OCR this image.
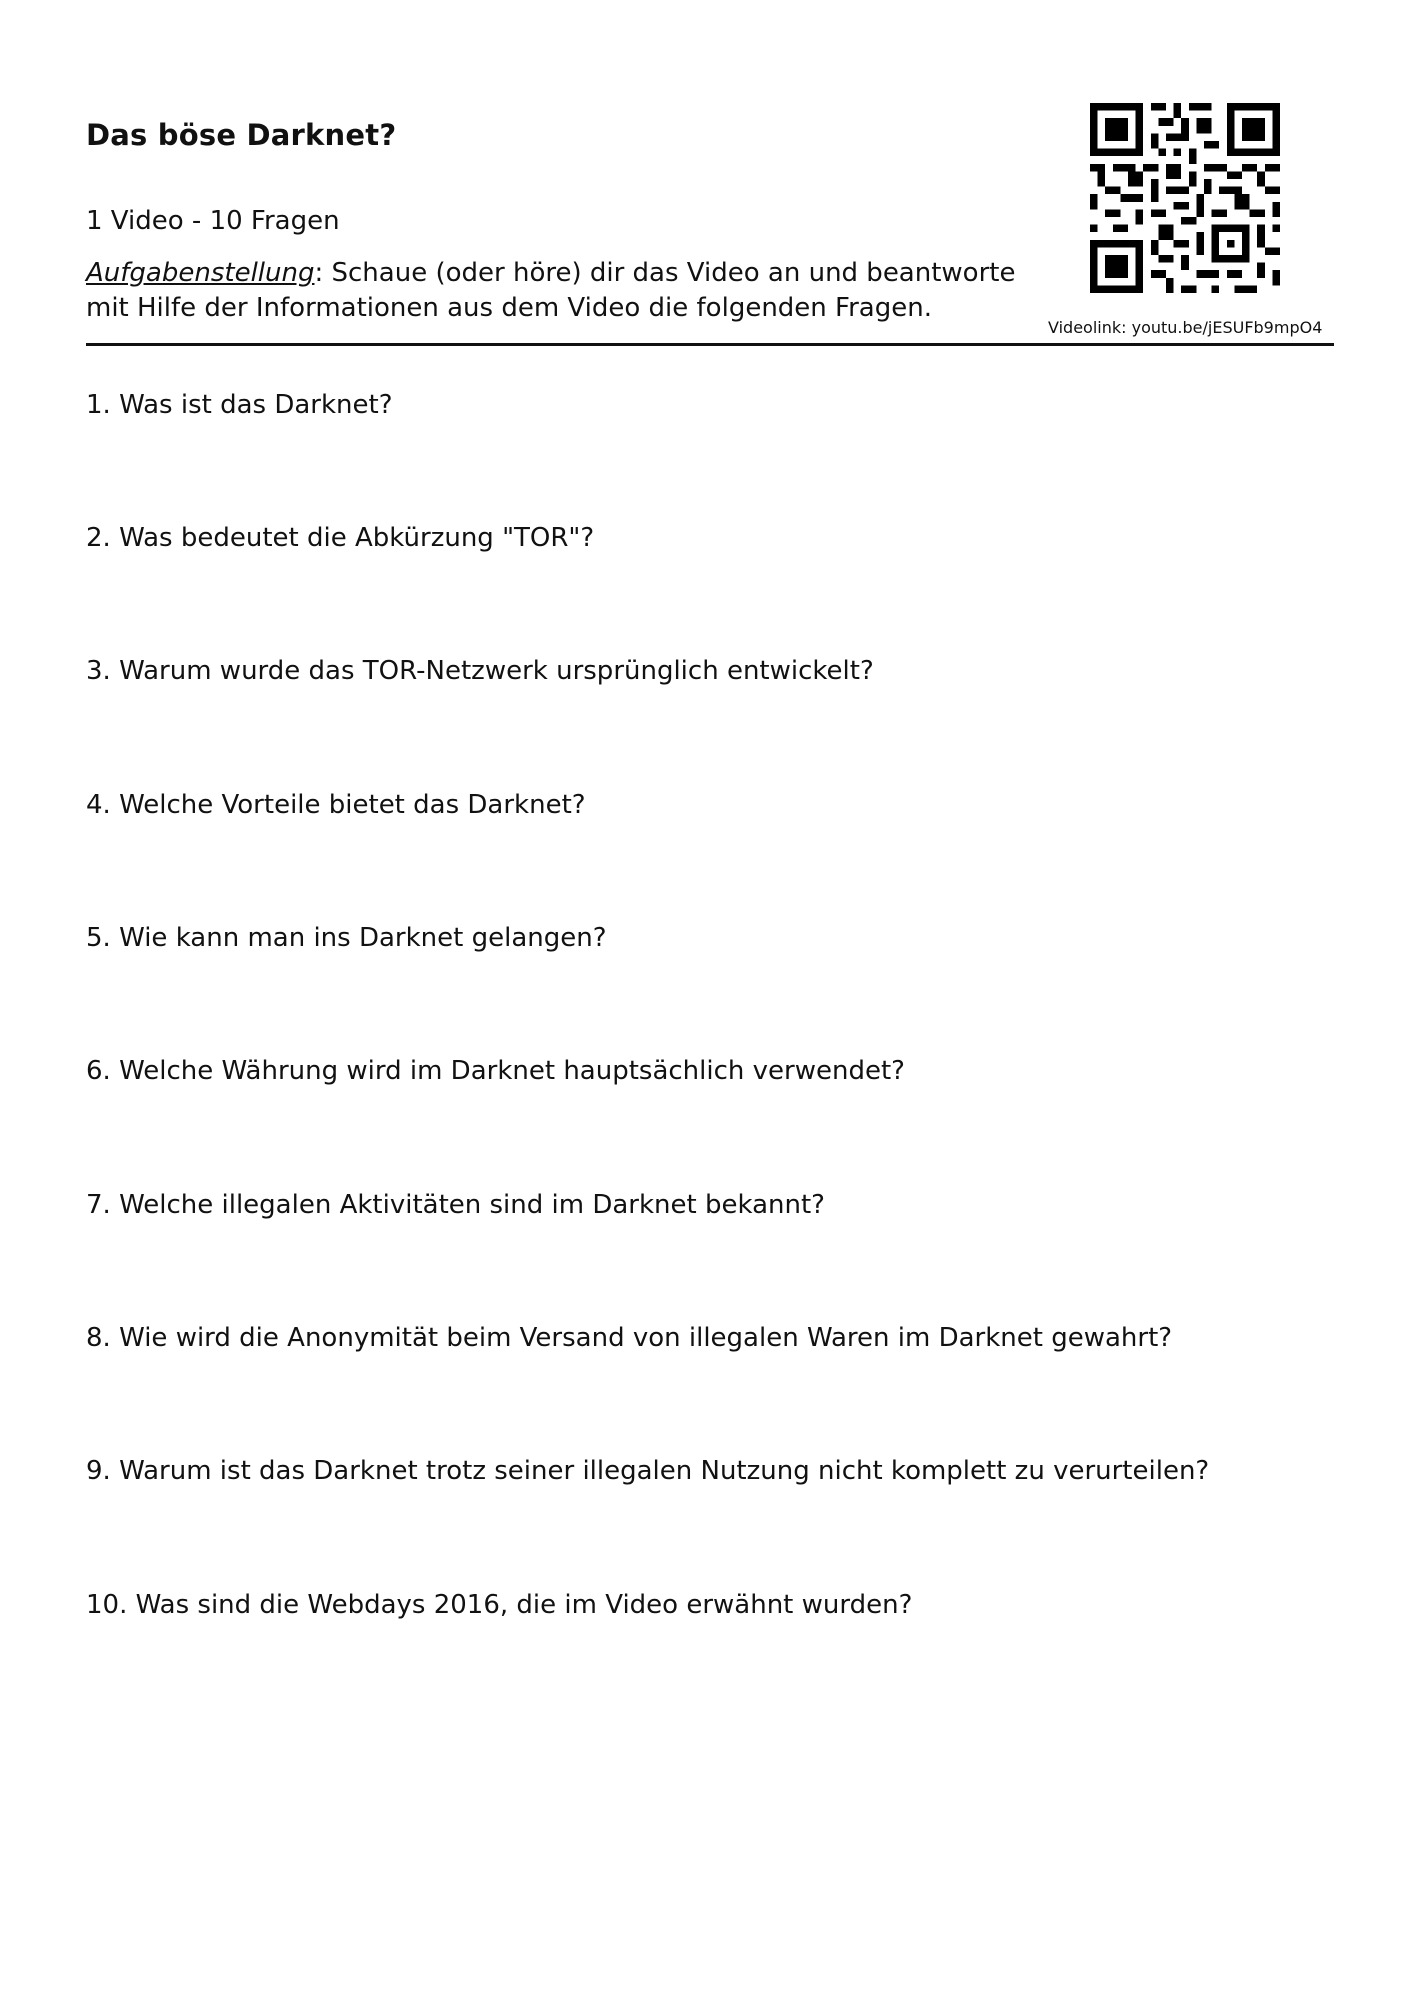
Das böse Darknet?
1 Video - 10 Fragen
Aufgabenstellung: Schaue (oder höre) dir das Video an und beantworte
mit Hilfe der Informationen aus dem Video die folgenden Fragen.
Videolink: youtu.be/jESUFb9mpO4
1. Was ist das Darknet?
2. Was bedeutet die Abkürzung "TOR"?
3. Warum wurde das TOR-Netzwerk ursprünglich entwickelt?
4. Welche Vorteile bietet das Darknet?
5. Wie kann man ins Darknet gelangen?
6. Welche Währung wird im Darknet hauptsächlich verwendet?
7. Welche illegalen Aktivitäten sind im Darknet bekannt?
8. Wie wird die Anonymität beim Versand von illegalen Waren im Darknet gewahrt?
9. Warum ist das Darknet trotz seiner illegalen Nutzung nicht komplett zu verurteilen?
10. Was sind die Webdays 2016, die im Video erwähnt wurden?
